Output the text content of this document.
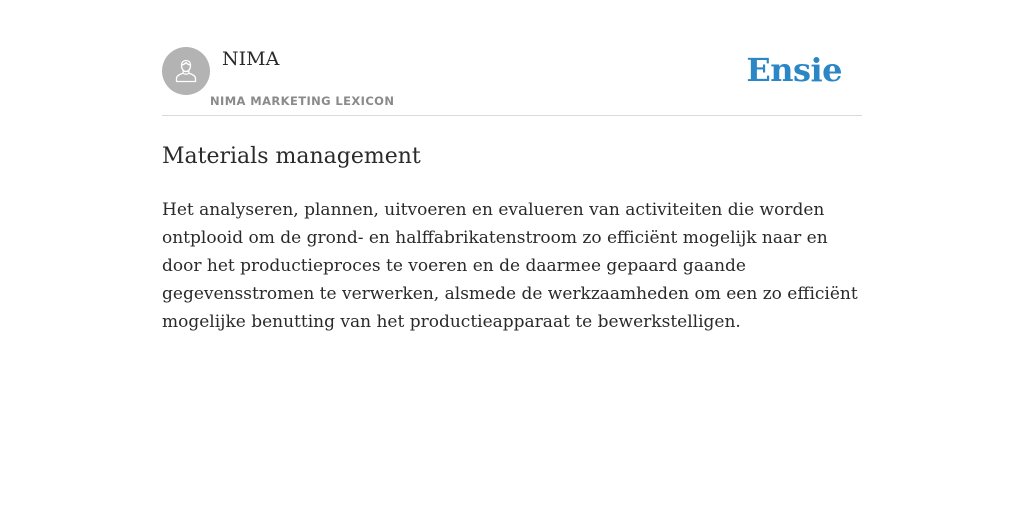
NIMA
NIMA MARKETING LEXICON
Ensie
Materials management

Het analyseren, plannen, uitvoeren en evalueren van activiteiten die worden ontplooid om de grond- en halffabrikatenstroom zo efficiënt mogelijk naar en door het productieproces te voeren en de daarmee gepaard gaande gegevensstromen te verwerken, alsmede de werkzaamheden om een zo efficiënt mogelijke benutting van het productieapparaat te bewerkstelligen.
